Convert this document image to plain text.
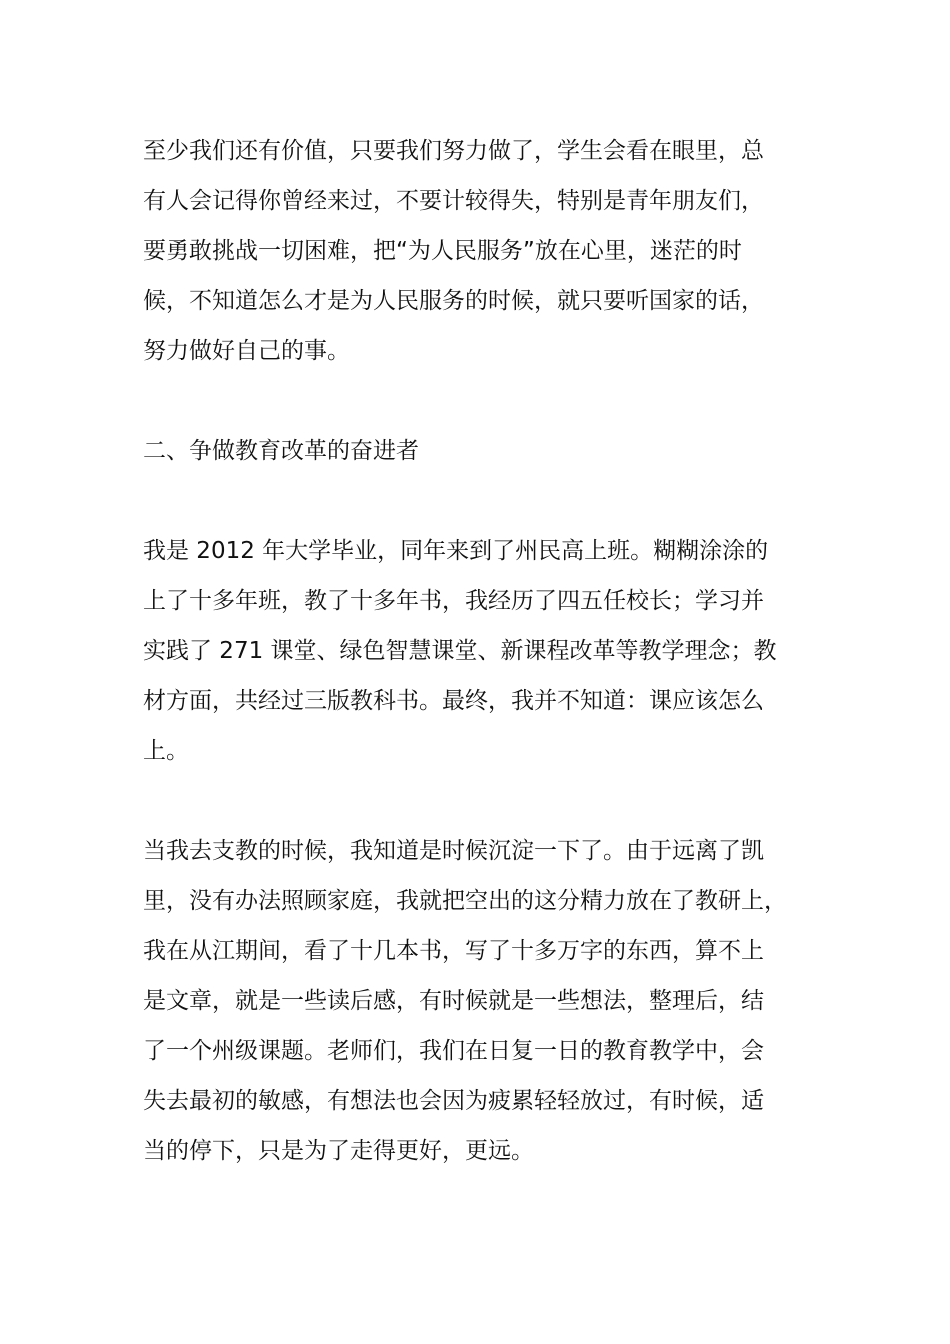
至少我们还有价值，只要我们努力做了，学生会看在眼里，总
有人会记得你曾经来过，不要计较得失，特别是青年朋友们，
要勇敢挑战一切困难，把“为人民服务”放在心里，迷茫的时
候，不知道怎么才是为人民服务的时候，就只要听国家的话，
努力做好自己的事。
二、争做教育改革的奋进者
我是 2012 年大学毕业，同年来到了州民高上班。糊糊涂涂的
上了十多年班，教了十多年书，我经历了四五任校长；学习并
实践了 271 课堂、绿色智慧课堂、新课程改革等教学理念；教
材方面，共经过三版教科书。最终，我并不知道：课应该怎么
上。
当我去支教的时候，我知道是时候沉淀一下了。由于远离了凯
里，没有办法照顾家庭，我就把空出的这分精力放在了教研上，
我在从江期间，看了十几本书，写了十多万字的东西，算不上
是文章，就是一些读后感，有时候就是一些想法，整理后，结
了一个州级课题。老师们，我们在日复一日的教育教学中，会
失去最初的敏感，有想法也会因为疲累轻轻放过，有时候，适
当的停下，只是为了走得更好，更远。
